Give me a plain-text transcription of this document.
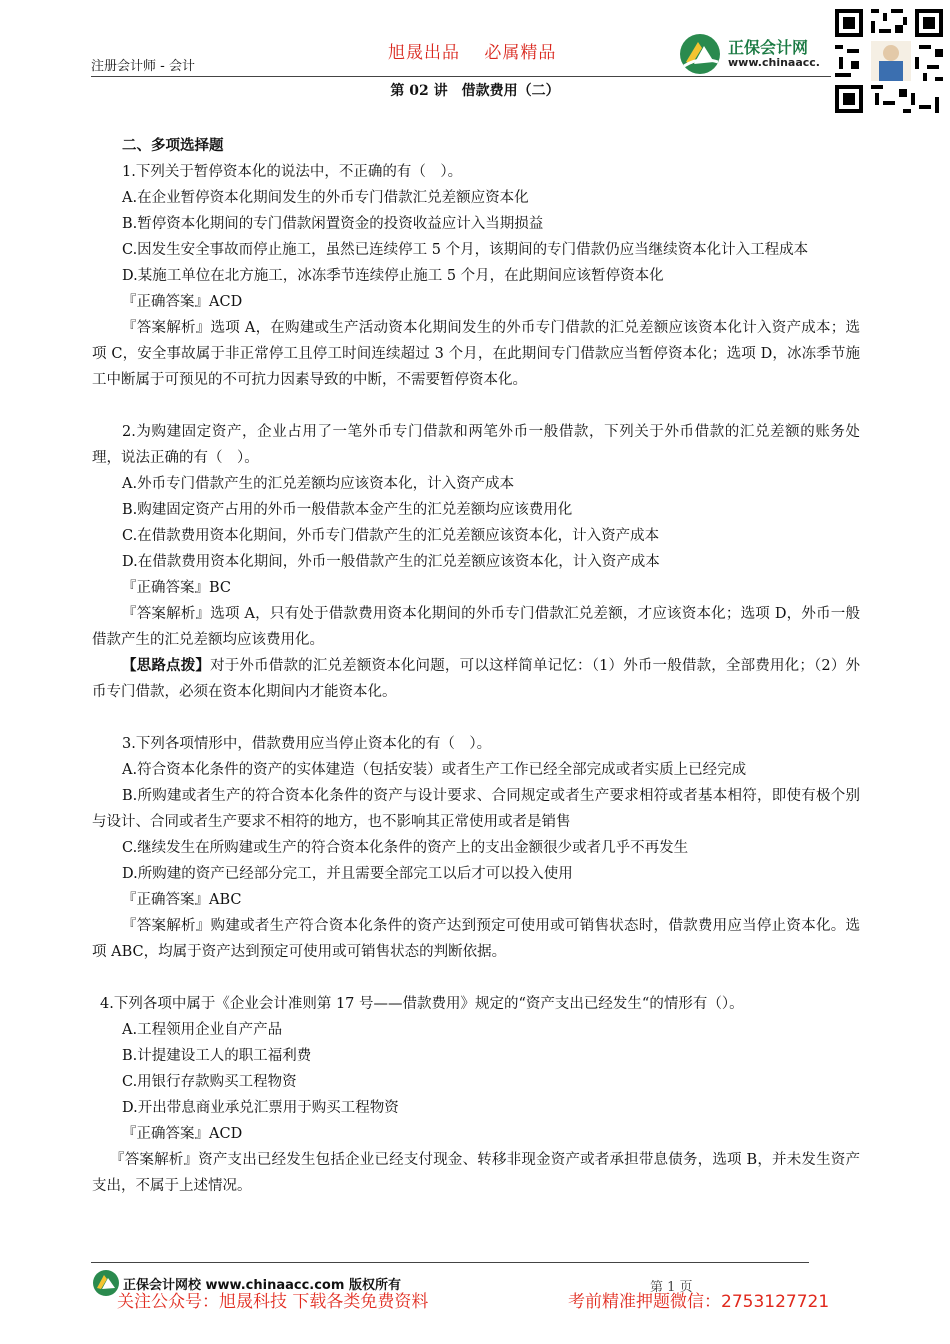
注册会计师 - 会计
旭晟出品 必属精品	正保会计网
www.chinaacc.
第 02 讲　借款费用（二）

二、多项选择题

1.下列关于暂停资本化的说法中，不正确的有（　）。

A.在企业暂停资本化期间发生的外币专门借款汇兑差额应资本化

B.暂停资本化期间的专门借款闲置资金的投资收益应计入当期损益

C.因发生安全事故而停止施工，虽然已连续停工 5 个月，该期间的专门借款仍应当继续资本化计入工程成本

D.某施工单位在北方施工，冰冻季节连续停止施工 5 个月，在此期间应该暂停资本化

『正确答案』ACD

『答案解析』选项 A，在购建或生产活动资本化期间发生的外币专门借款的汇兑差额应该资本化计入资产成本；选项 C，安全事故属于非正常停工且停工时间连续超过 3 个月，在此期间专门借款应当暂停资本化；选项 D，冰冻季节施工中断属于可预见的不可抗力因素导致的中断，不需要暂停资本化。

2.为购建固定资产，企业占用了一笔外币专门借款和两笔外币一般借款，下列关于外币借款的汇兑差额的账务处理，说法正确的有（　）。

A.外币专门借款产生的汇兑差额均应该资本化，计入资产成本

B.购建固定资产占用的外币一般借款本金产生的汇兑差额均应该费用化

C.在借款费用资本化期间，外币专门借款产生的汇兑差额应该资本化，计入资产成本

D.在借款费用资本化期间，外币一般借款产生的汇兑差额应该资本化，计入资产成本

『正确答案』BC

『答案解析』选项 A，只有处于借款费用资本化期间的外币专门借款汇兑差额，才应该资本化；选项 D，外币一般借款产生的汇兑差额均应该费用化。

【思路点拨】对于外币借款的汇兑差额资本化问题，可以这样简单记忆：（1）外币一般借款，全部费用化；（2）外币专门借款，必须在资本化期间内才能资本化。

3.下列各项情形中，借款费用应当停止资本化的有（　）。

A.符合资本化条件的资产的实体建造（包括安装）或者生产工作已经全部完成或者实质上已经完成

B.所购建或者生产的符合资本化条件的资产与设计要求、合同规定或者生产要求相符或者基本相符，即使有极个别与设计、合同或者生产要求不相符的地方，也不影响其正常使用或者是销售

C.继续发生在所购建或生产的符合资本化条件的资产上的支出金额很少或者几乎不再发生

D.所购建的资产已经部分完工，并且需要全部完工以后才可以投入使用

『正确答案』ABC

『答案解析』购建或者生产符合资本化条件的资产达到预定可使用或可销售状态时，借款费用应当停止资本化。选项 ABC，均属于资产达到预定可使用或可销售状态的判断依据。

4.下列各项中属于《企业会计准则第 17 号——借款费用》规定的“资产支出已经发生“的情形有（）。

A.工程领用企业自产产品

B.计提建设工人的职工福利费

C.用银行存款购买工程物资

D.开出带息商业承兑汇票用于购买工程物资

『正确答案』ACD

『答案解析』资产支出已经发生包括企业已经支付现金、转移非现金资产或者承担带息债务，选项 B，并未发生资产支出，不属于上述情况。

正保会计网校 www.chinaacc.com 版权所有	第 1 页
关注公众号：旭晟科技 下载各类免费资料	考前精准押题微信：2753127721
